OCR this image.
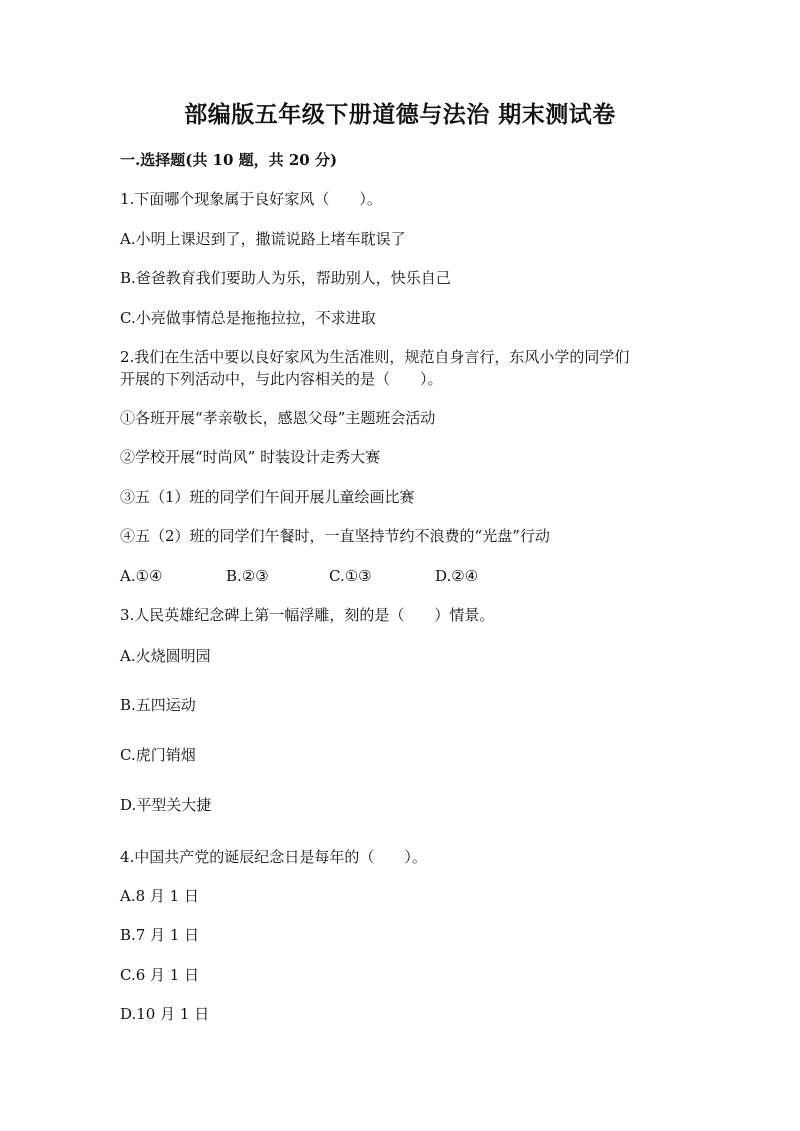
部编版五年级下册道德与法治 期末测试卷
一.选择题(共 10 题，共 20 分)
1.下面哪个现象属于良好家风（　　）。
A.小明上课迟到了，撒谎说路上堵车耽误了
B.爸爸教育我们要助人为乐，帮助别人，快乐自己
C.小亮做事情总是拖拖拉拉，不求进取
2.我们在生活中要以良好家风为生活准则，规范自身言行，东风小学的同学们
开展的下列活动中，与此内容相关的是（　　）。
①各班开展“孝亲敬长，感恩父母”主题班会活动
②学校开展“时尚风” 时装设计走秀大赛
③五（1）班的同学们午间开展儿童绘画比赛
④五（2）班的同学们午餐时，一直坚持节约不浪费的“光盘”行动
A.①④	B.②③	C.①③	D.②④
3.人民英雄纪念碑上第一幅浮雕，刻的是（　　）情景。
A.火烧圆明园
B.五四运动
C.虎门销烟
D.平型关大捷
4.中国共产党的诞辰纪念日是每年的（　　）。
A.8 月 1 日
B.7 月 1 日
C.6 月 1 日
D.10 月 1 日
